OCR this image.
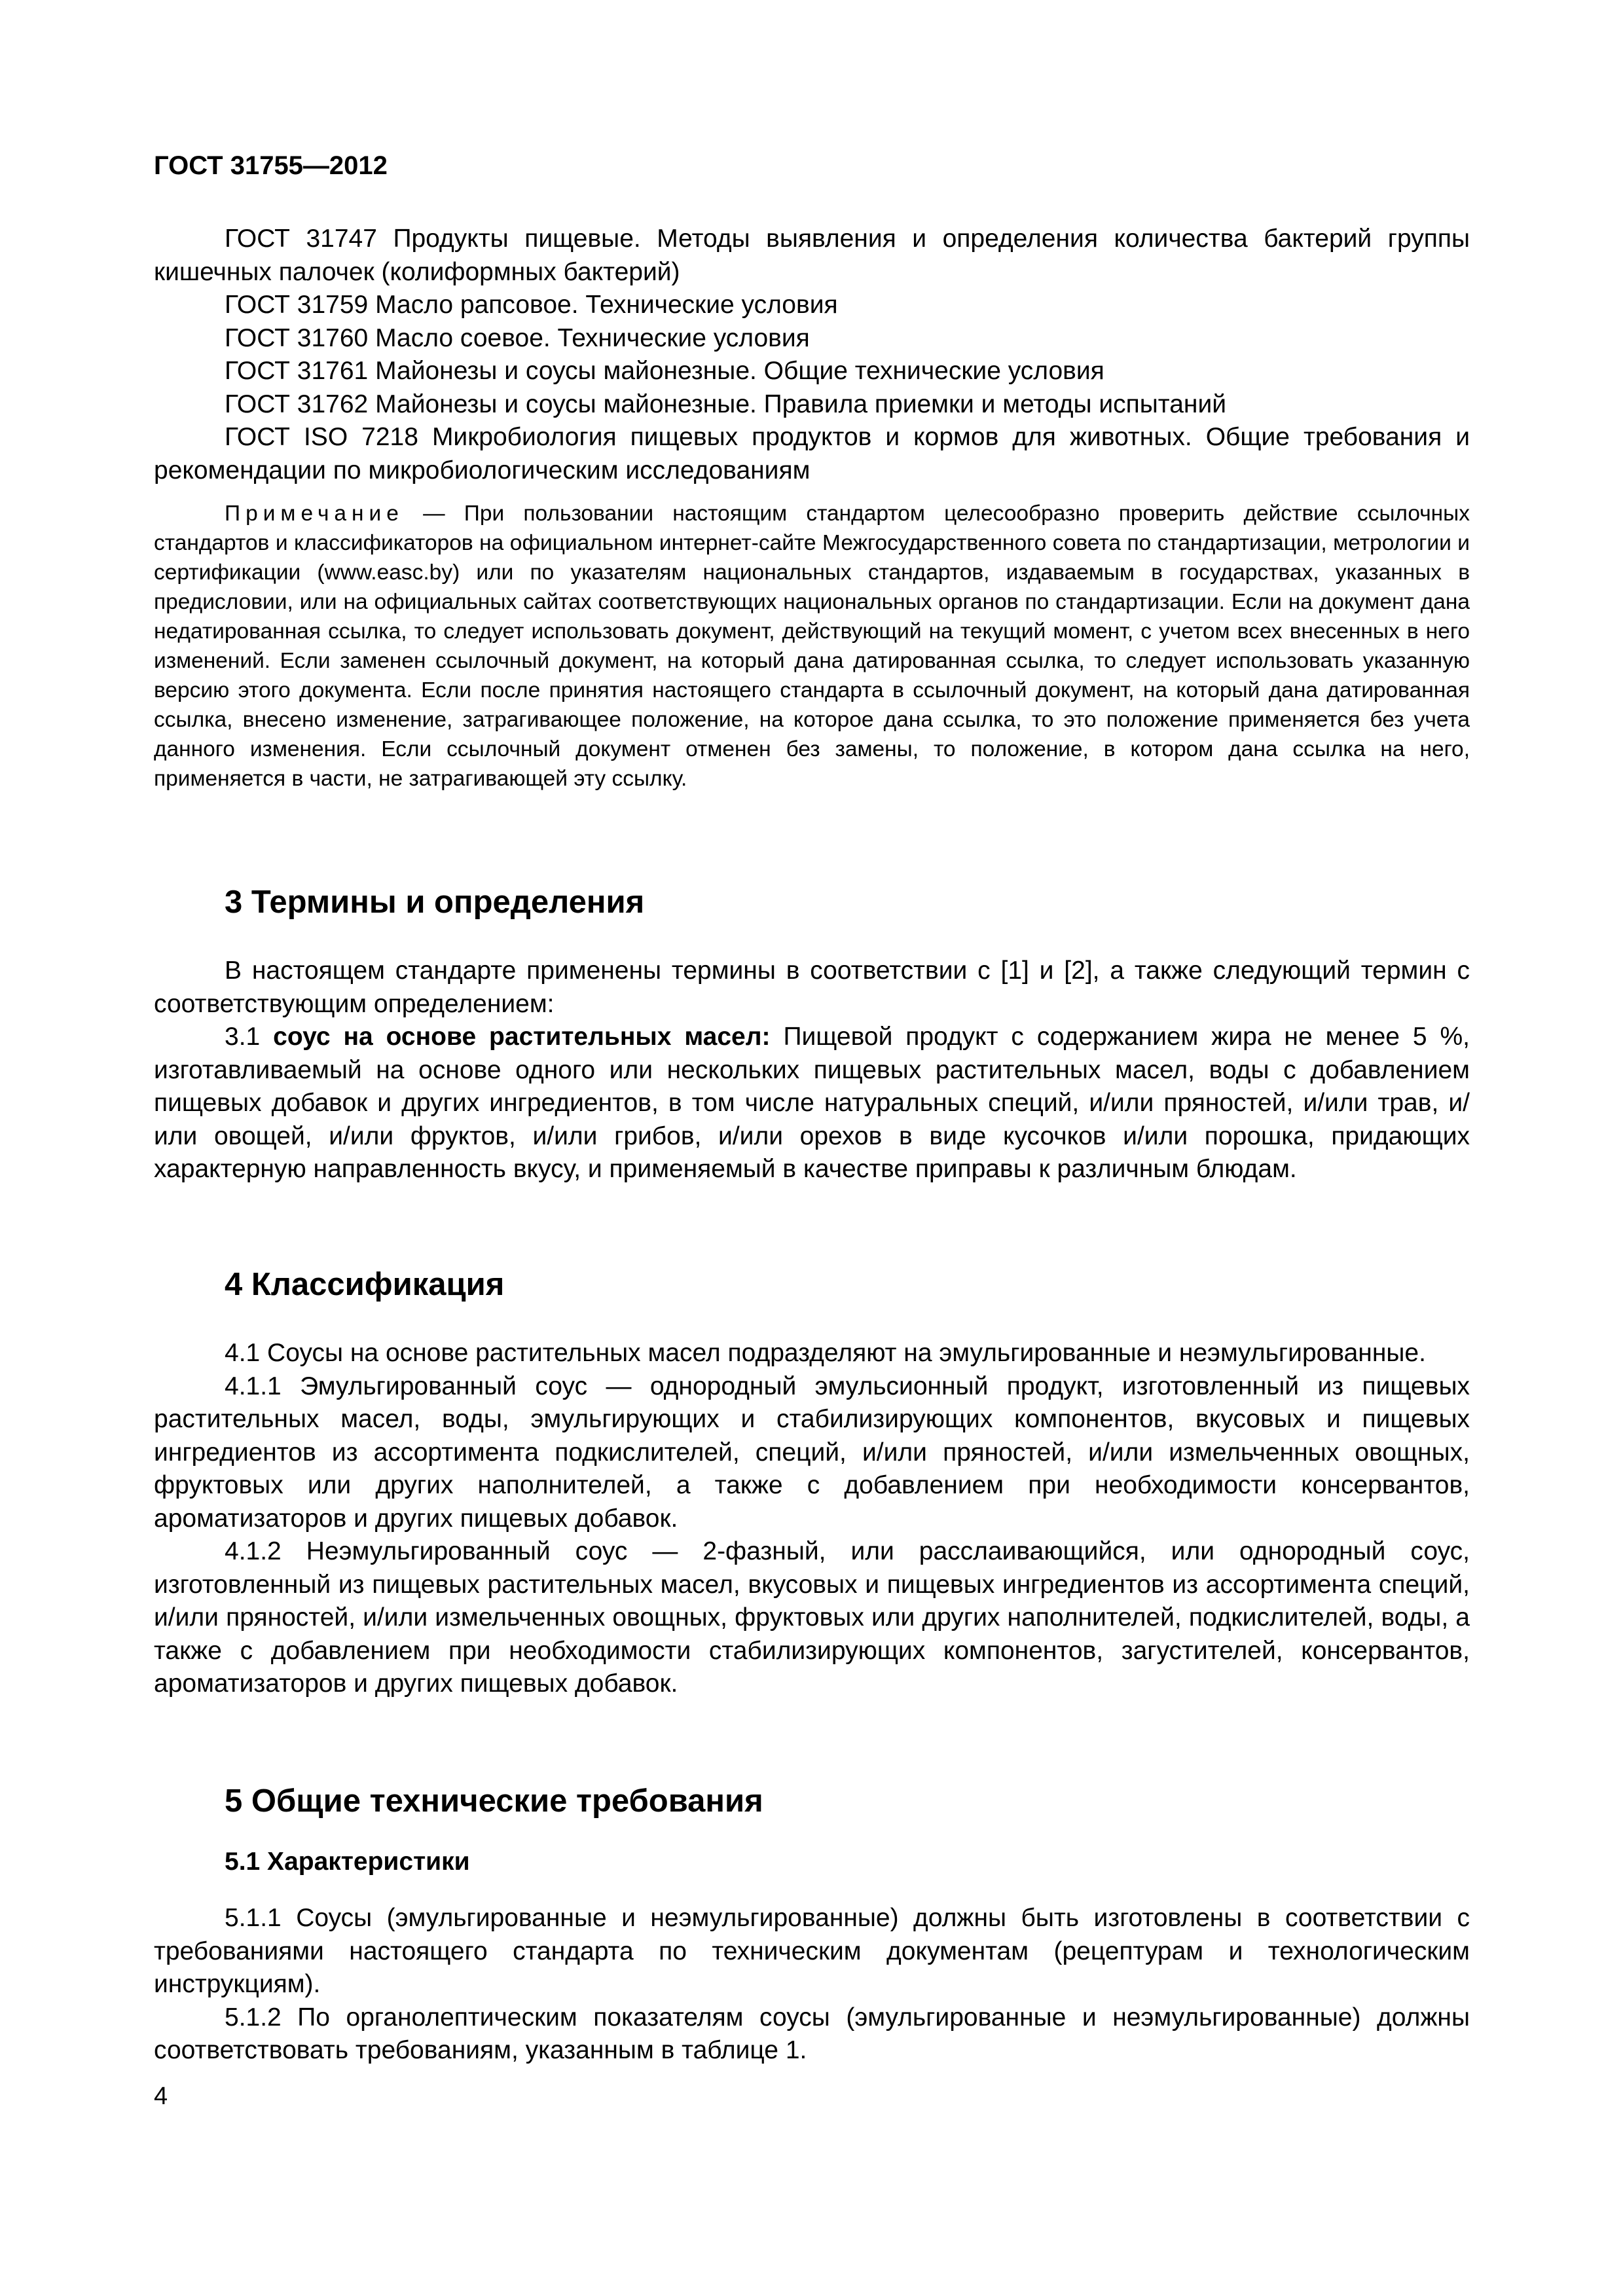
ГОСТ 31755—2012

ГОСТ 31747 Продукты пищевые. Методы выявления и определения количества бактерий группы кишечных палочек (колиформных бактерий)

ГОСТ 31759 Масло рапсовое. Технические условия

ГОСТ 31760 Масло соевое. Технические условия

ГОСТ 31761 Майонезы и соусы майонезные. Общие технические условия

ГОСТ 31762 Майонезы и соусы майонезные. Правила приемки и методы испытаний

ГОСТ ISO 7218 Микробиология пищевых продуктов и кормов для животных. Общие требования и рекомендации по микробиологическим исследованиям

Примечание — При пользовании настоящим стандартом целесообразно проверить действие ссылочных стандартов и классификаторов на официальном интернет-сайте Межгосударственного совета по стандартизации, метрологии и сертификации (www.easc.by) или по указателям национальных стандартов, издаваемым в государствах, указанных в предисловии, или на официальных сайтах соответствующих национальных органов по стандартизации. Если на документ дана недатированная ссылка, то следует использовать документ, действующий на текущий момент, с учетом всех внесенных в него изменений. Если заменен ссылочный документ, на который дана датированная ссылка, то следует использовать указанную версию этого документа. Если после принятия настоящего стандарта в ссылочный документ, на который дана датированная ссылка, внесено изменение, затрагивающее положение, на которое дана ссылка, то это положение применяется без учета данного изменения. Если ссылочный документ отменен без замены, то положение, в котором дана ссылка на него, применяется в части, не затрагивающей эту ссылку.

3 Термины и определения

В настоящем стандарте применены термины в соответствии с [1] и [2], а также следующий термин с соответствующим определением:

3.1 соус на основе растительных масел: Пищевой продукт с содержанием жира не менее 5 %, изготавливаемый на основе одного или нескольких пищевых растительных масел, воды с добавлением пищевых добавок и других ингредиентов, в том числе натуральных специй, и/или пряностей, и/или трав, и/или овощей, и/или фруктов, и/или грибов, и/или орехов в виде кусочков и/или порошка, придающих характерную направленность вкусу, и применяемый в качестве приправы к различным блюдам.

4 Классификация

4.1 Соусы на основе растительных масел подразделяют на эмульгированные и неэмульгированные.

4.1.1 Эмульгированный соус — однородный эмульсионный продукт, изготовленный из пищевых растительных масел, воды, эмульгирующих и стабилизирующих компонентов, вкусовых и пищевых ингредиентов из ассортимента подкислителей, специй, и/или пряностей, и/или измельченных овощных, фруктовых или других наполнителей, а также с добавлением при необходимости консервантов, ароматизаторов и других пищевых добавок.

4.1.2 Неэмульгированный соус — 2-фазный, или расслаивающийся, или однородный соус, изготовленный из пищевых растительных масел, вкусовых и пищевых ингредиентов из ассортимента специй, и/или пряностей, и/или измельченных овощных, фруктовых или других наполнителей, подкислителей, воды, а также с добавлением при необходимости стабилизирующих компонентов, загустителей, консервантов, ароматизаторов и других пищевых добавок.

5 Общие технические требования
5.1 Характеристики

5.1.1 Соусы (эмульгированные и неэмульгированные) должны быть изготовлены в соответствии с требованиями настоящего стандарта по техническим документам (рецептурам и технологическим инструкциям).

5.1.2 По органолептическим показателям соусы (эмульгированные и неэмульгированные) должны соответствовать требованиям, указанным в таблице 1.

4
